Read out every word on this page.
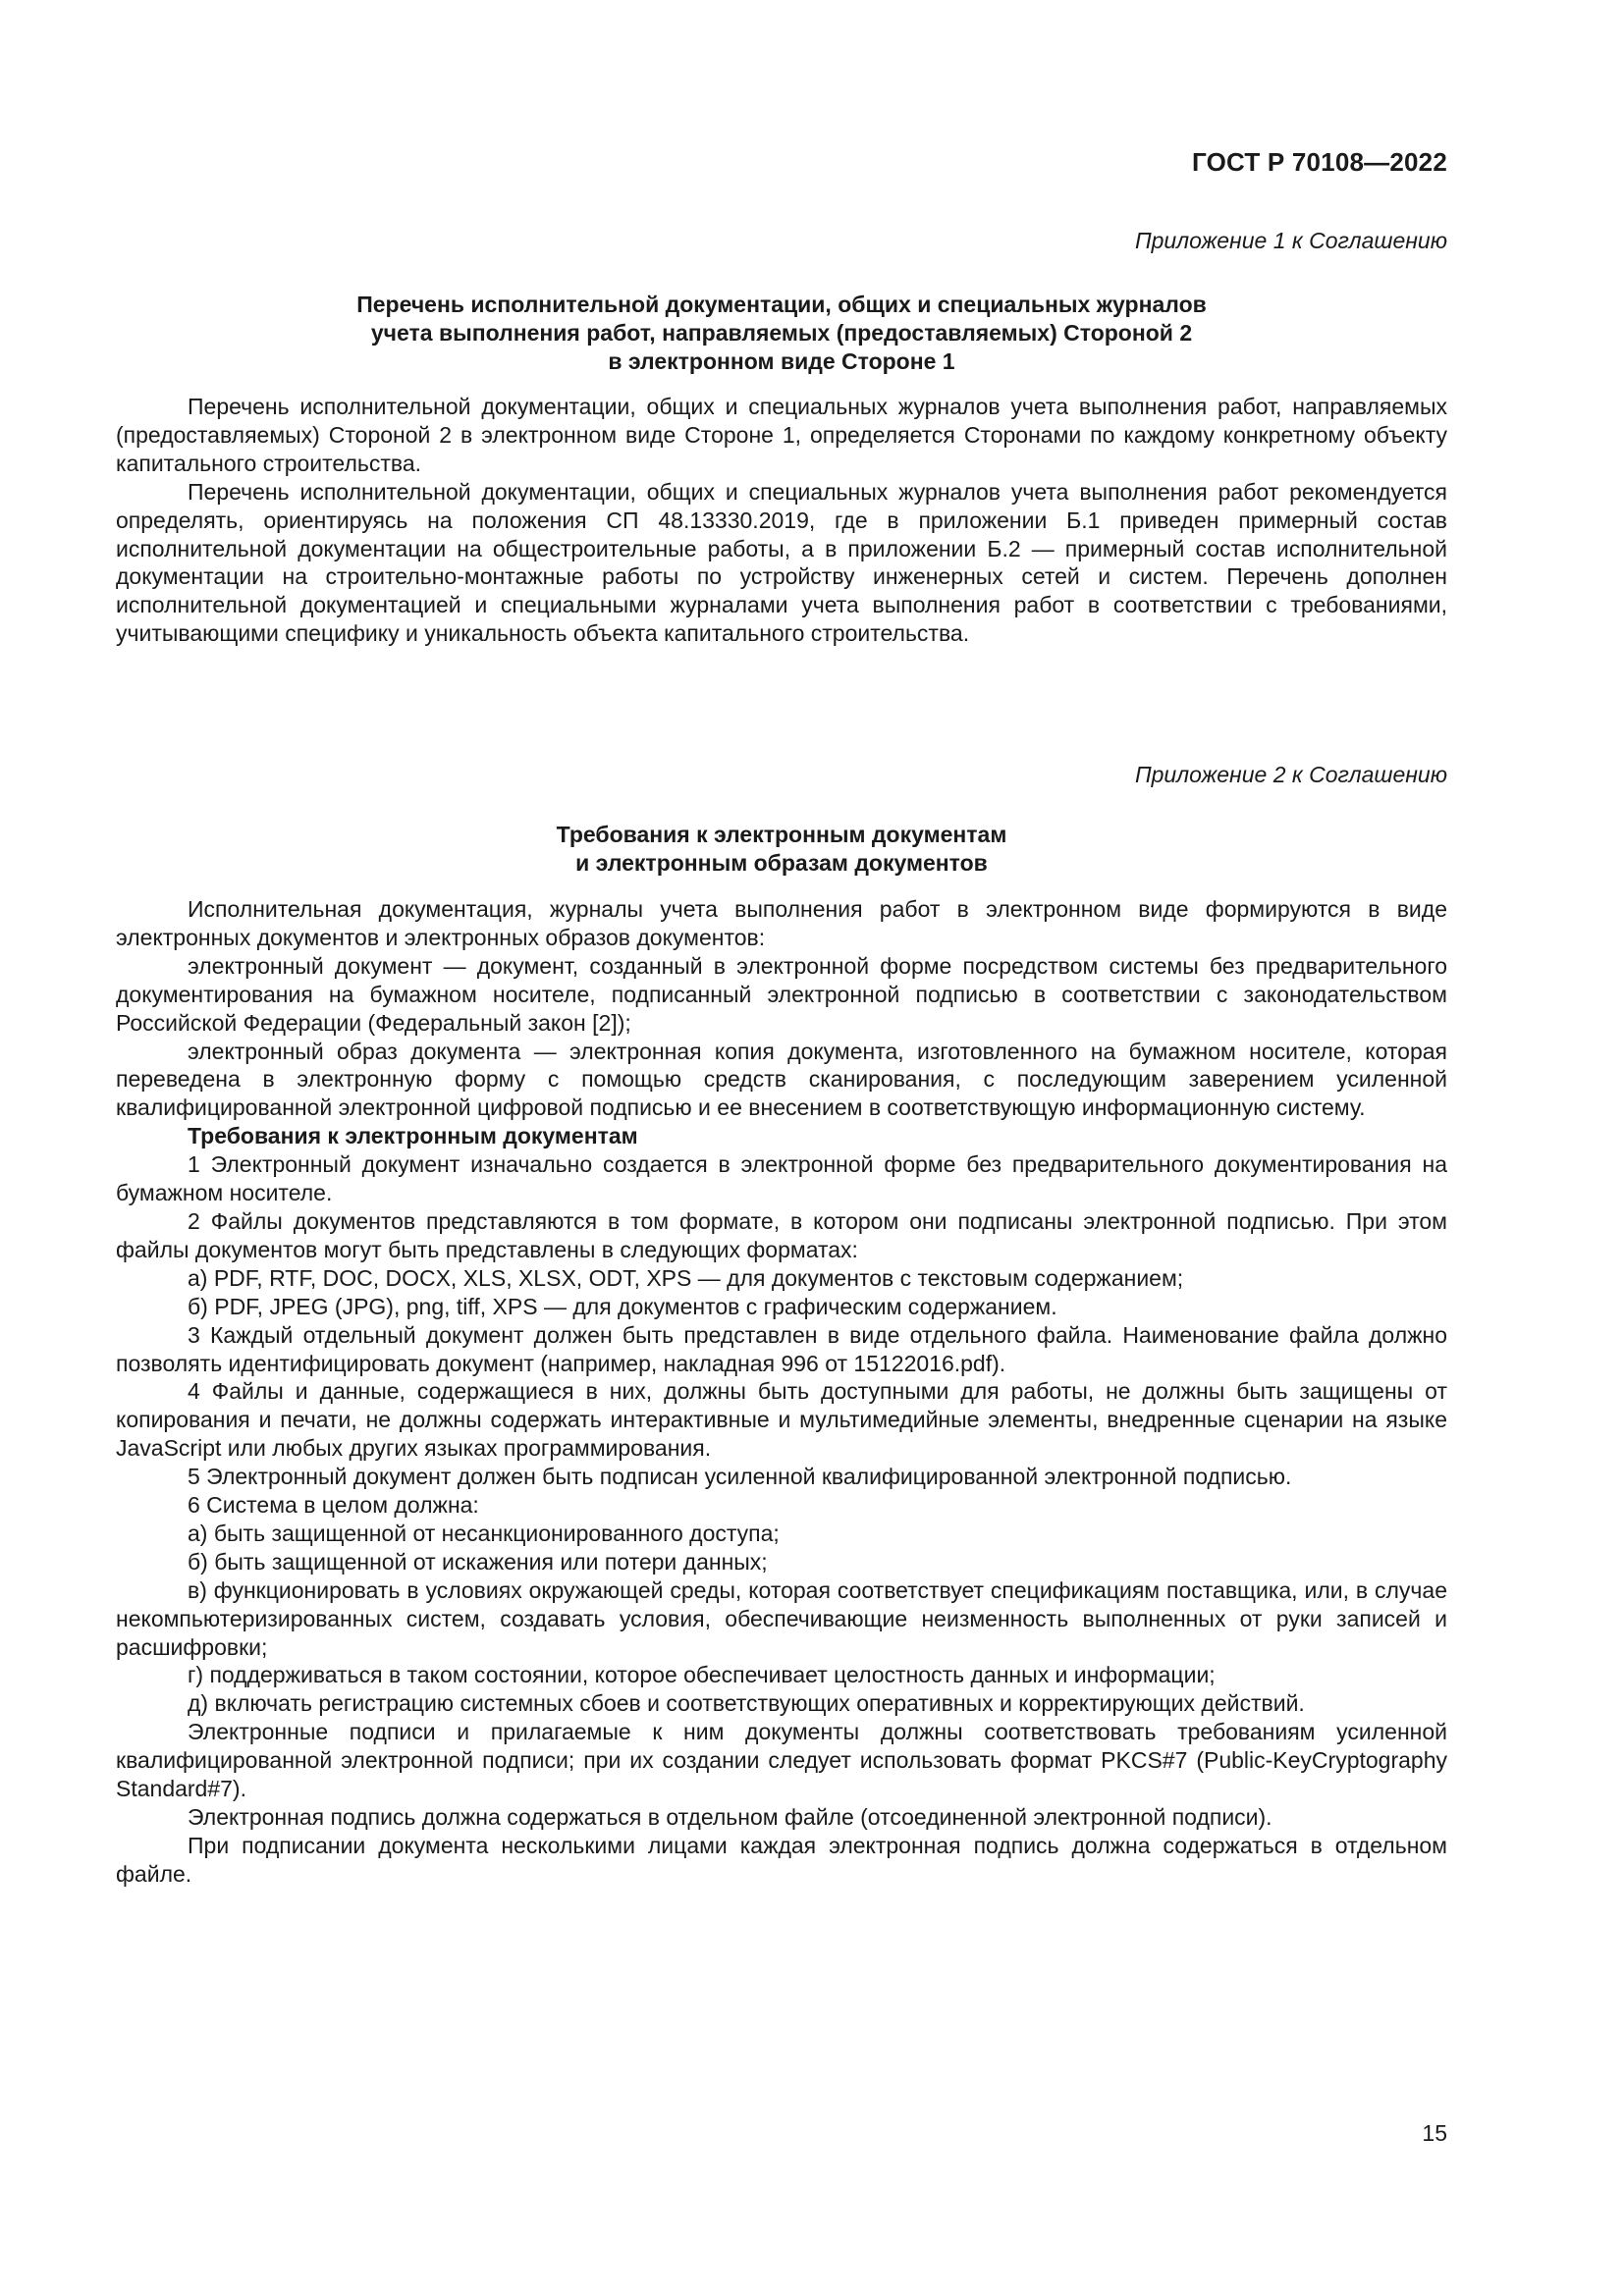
ГОСТ Р 70108—2022
Приложение 1 к Соглашению
Перечень исполнительной документации, общих и специальных журналов
учета выполнения работ, направляемых (предоставляемых) Стороной 2
в электронном виде Стороне 1

Перечень исполнительной документации, общих и специальных журналов учета выполнения работ, направляемых (предоставляемых) Стороной 2 в электронном виде Стороне 1, определяется Сторонами по каждому конкретному объекту капитального строительства.

Перечень исполнительной документации, общих и специальных журналов учета выполнения работ рекомендуется определять, ориентируясь на положения СП 48.13330.2019, где в приложении Б.1 приведен примерный состав исполнительной документации на общестроительные работы, а в приложении Б.2 — примерный состав исполнительной документации на строительно-монтажные работы по устройству инженерных сетей и систем. Перечень дополнен исполнительной документацией и специальными журналами учета выполнения работ в соответствии с требованиями, учитывающими специфику и уникальность объекта капитального строительства.

Приложение 2 к Соглашению
Требования к электронным документам
и электронным образам документов

Исполнительная документация, журналы учета выполнения работ в электронном виде формируются в виде электронных документов и электронных образов документов:

электронный документ — документ, созданный в электронной форме посредством системы без предварительного документирования на бумажном носителе, подписанный электронной подписью в соответствии с законодательством Российской Федерации (Федеральный закон [2]);

электронный образ документа — электронная копия документа, изготовленного на бумажном носителе, которая переведена в электронную форму с помощью средств сканирования, с последующим заверением усиленной квалифицированной электронной цифровой подписью и ее внесением в соответствующую информационную систему.

Требования к электронным документам

1 Электронный документ изначально создается в электронной форме без предварительного документирования на бумажном носителе.

2 Файлы документов представляются в том формате, в котором они подписаны электронной подписью. При этом файлы документов могут быть представлены в следующих форматах:

а) PDF, RTF, DOC, DOCX, XLS, XLSX, ODT, XPS — для документов с текстовым содержанием;

б) PDF, JPEG (JPG), png, tiff, XPS — для документов с графическим содержанием.

3 Каждый отдельный документ должен быть представлен в виде отдельного файла. Наименование файла должно позволять идентифицировать документ (например, накладная 996 от 15122016.pdf).

4 Файлы и данные, содержащиеся в них, должны быть доступными для работы, не должны быть защищены от копирования и печати, не должны содержать интерактивные и мультимедийные элементы, внедренные сценарии на языке JavaScript или любых других языках программирования.

5 Электронный документ должен быть подписан усиленной квалифицированной электронной подписью.

6 Система в целом должна:

а) быть защищенной от несанкционированного доступа;

б) быть защищенной от искажения или потери данных;

в) функционировать в условиях окружающей среды, которая соответствует спецификациям поставщика, или, в случае некомпьютеризированных систем, создавать условия, обеспечивающие неизменность выполненных от руки записей и расшифровки;

г) поддерживаться в таком состоянии, которое обеспечивает целостность данных и информации;

д) включать регистрацию системных сбоев и соответствующих оперативных и корректирующих действий.

Электронные подписи и прилагаемые к ним документы должны соответствовать требованиям усиленной квалифицированной электронной подписи; при их создании следует использовать формат PKCS#7 (Public-KeyCryptography Standard#7).

Электронная подпись должна содержаться в отдельном файле (отсоединенной электронной подписи).

При подписании документа несколькими лицами каждая электронная подпись должна содержаться в отдельном файле.

15
